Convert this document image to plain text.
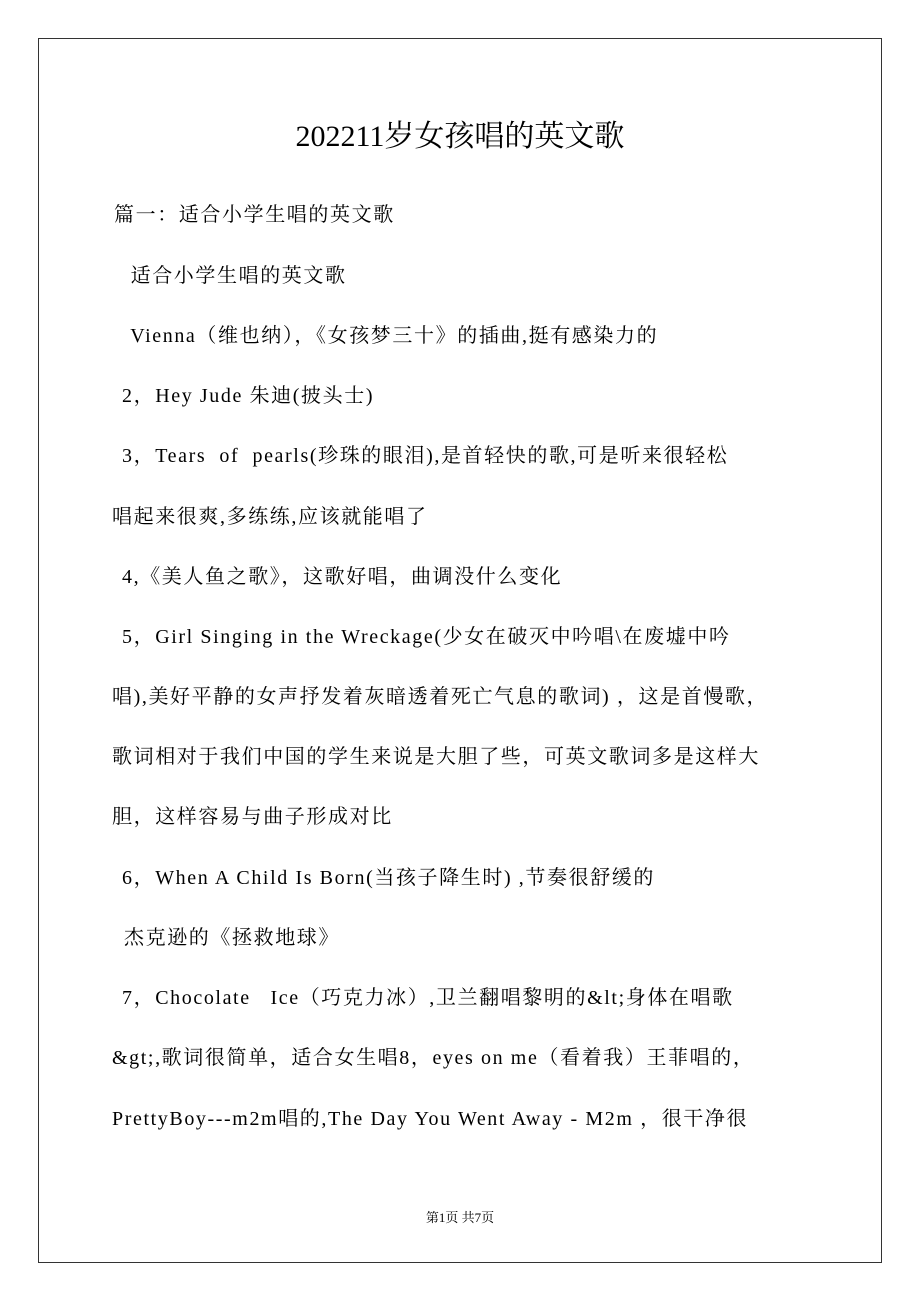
202211岁女孩唱的英文歌
篇一：适合小学生唱的英文歌
适合小学生唱的英文歌
Vienna（维也纳），《女孩梦三十》的插曲,挺有感染力的
2，Hey Jude 朱迪(披头士)
3，Tears  of  pearls(珍珠的眼泪),是首轻快的歌,可是听来很轻松
唱起来很爽,多练练,应该就能唱了
4,《美人鱼之歌》，这歌好唱，曲调没什么变化
5，Girl Singing in the Wreckage(少女在破灭中吟唱\在废墟中吟
唱),美好平静的女声抒发着灰暗透着死亡气息的歌词) ，这是首慢歌，
歌词相对于我们中国的学生来说是大胆了些，可英文歌词多是这样大
胆，这样容易与曲子形成对比
6，When A Child Is Born(当孩子降生时) ,节奏很舒缓的
杰克逊的《拯救地球》
7，Chocolate   Ice（巧克力冰）,卫兰翻唱黎明的&lt;身体在唱歌
&gt;,歌词很简单，适合女生唱8，eyes on me（看着我）王菲唱的，
PrettyBoy---m2m唱的,The Day You Went Away - M2m ，很干净很
第1页 共7页
